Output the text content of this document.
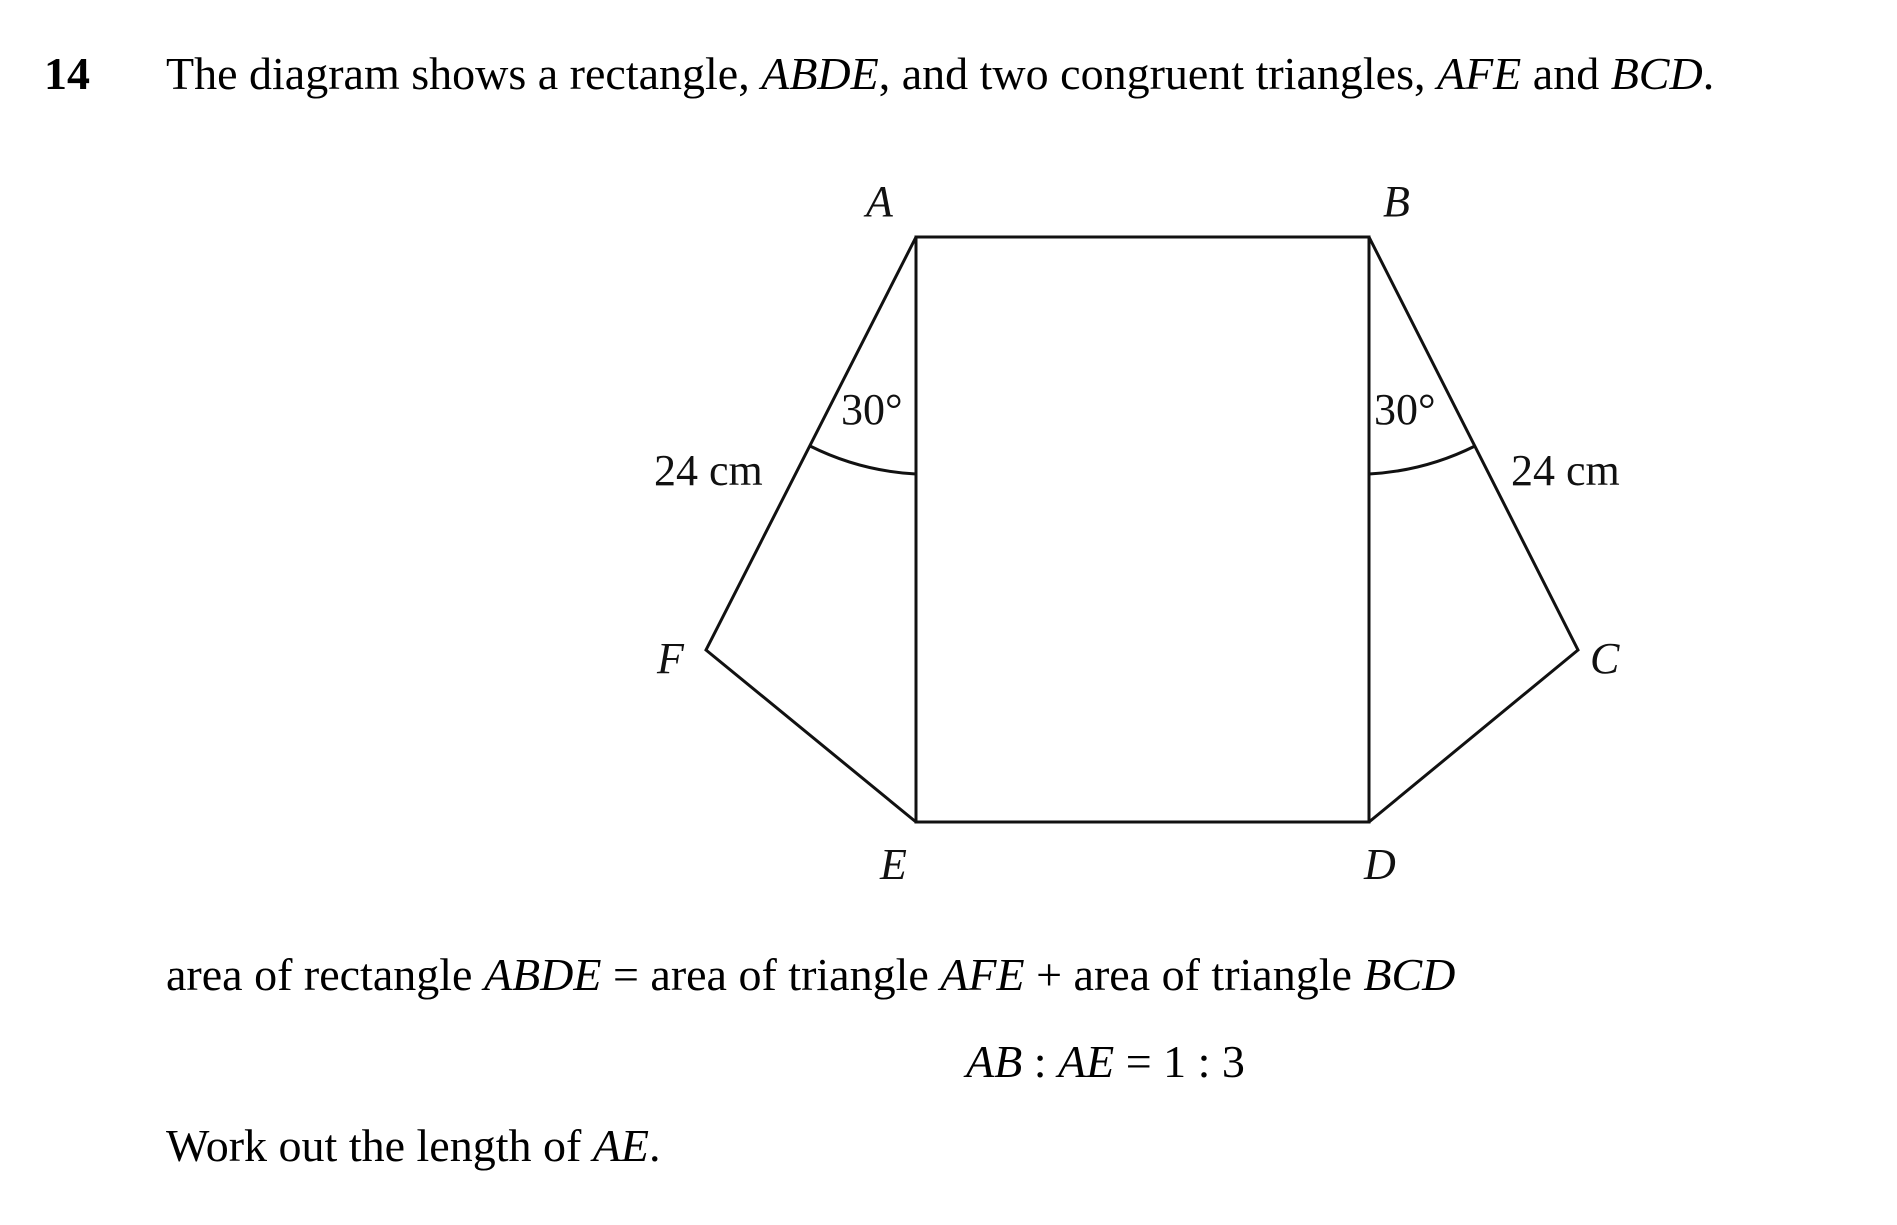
14 The diagram shows a rectangle, ABDE, and two congruent triangles, AFE and BCD.
A	B
F	C
E	D
30°	30°
24 cm	24 cm
area of rectangle ABDE = area of triangle AFE + area of triangle BCD
AB : AE = 1 : 3
Work out the length of AE.
